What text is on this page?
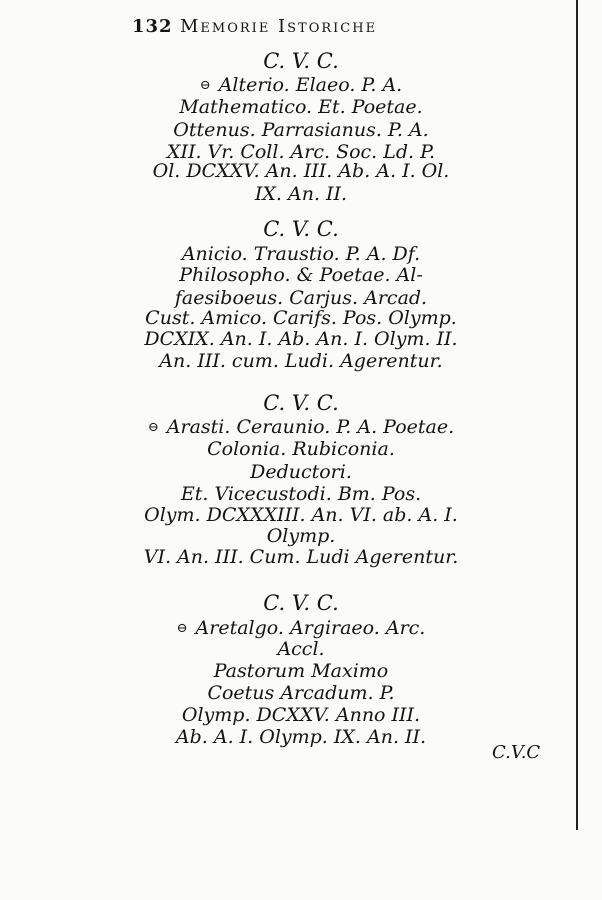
132 Memorie Istoriche
C. V. C.
⊖ Alterio. Elaeo. P. A.
Mathematico. Et. Poetae.
Ottenus. Parrasianus. P. A.
XII. Vr. Coll. Arc. Soc. Ld. P.
Ol. DCXXV. An. III. Ab. A. I. Ol.
IX. An. II.
C. V. C.
Anicio. Traustio. P. A. Df.
Philosopho. & Poetae. Al-
faesiboeus. Carjus. Arcad.
Cust. Amico. Carifs. Pos. Olymp.
DCXIX. An. I. Ab. An. I. Olym. II.
An. III. cum. Ludi. Agerentur.
C. V. C.
⊖ Arasti. Ceraunio. P. A. Poetae.
Colonia. Rubiconia.
Deductori.
Et. Vicecustodi. Bm. Pos.
Olym. DCXXXIII. An. VI. ab. A. I.
Olymp.
VI. An. III. Cum. Ludi Agerentur.
C. V. C.
⊖ Aretalgo. Argiraeo. Arc.
Accl.
Pastorum Maximo
Coetus Arcadum. P.
Olymp. DCXXV. Anno III.
Ab. A. I. Olymp. IX. An. II.
C.V.C
